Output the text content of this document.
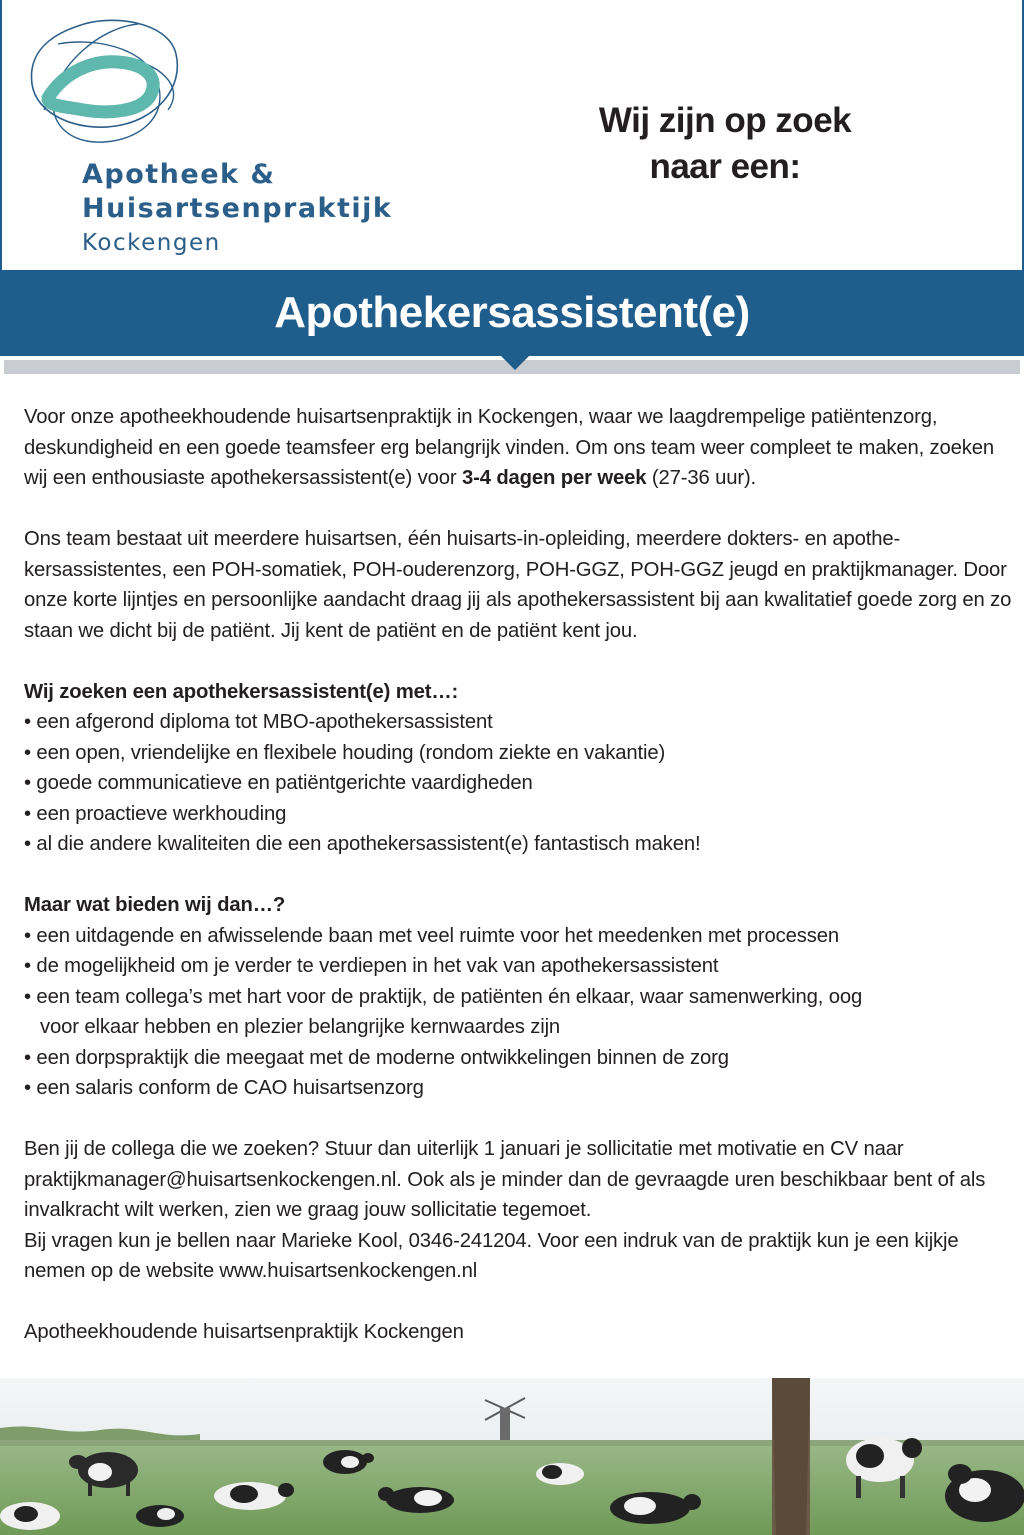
Apotheek &
Huisartsenpraktijk
Kockengen
Wij zijn op zoek
naar een:
Apothekersassistent(e)

Voor onze apotheekhoudende huisartsenpraktijk in Kockengen, waar we laagdrempelige patiëntenzorg, deskundigheid en een goede teamsfeer erg belangrijk vinden. Om ons team weer compleet te maken, zoeken wij een enthousiaste apothekersassistent(e) voor 3-4 dagen per week (27-36 uur).

Ons team bestaat uit meerdere huisartsen, één huisarts-in-opleiding, meerdere dokters- en apothekersassistentes, een POH-somatiek, POH-ouderenzorg, POH-GGZ, POH-GGZ jeugd en praktijkmanager. Door onze korte lijntjes en persoonlijke aandacht draag jij als apothekersassistent bij aan kwalitatief goede zorg en zo staan we dicht bij de patiënt. Jij kent de patiënt en de patiënt kent jou.

Wij zoeken een apothekersassistent(e) met…:

• een afgerond diploma tot MBO-apothekersassistent
• een open, vriendelijke en flexibele houding (rondom ziekte en vakantie)
• goede communicatieve en patiëntgerichte vaardigheden
• een proactieve werkhouding
• al die andere kwaliteiten die een apothekersassistent(e) fantastisch maken!

Maar wat bieden wij dan…?

• een uitdagende en afwisselende baan met veel ruimte voor het meedenken met processen
• de mogelijkheid om je verder te verdiepen in het vak van apothekersassistent
• een team collega’s met hart voor de praktijk, de patiënten én elkaar, waar samenwerking, oog voor elkaar hebben en plezier belangrijke kernwaardes zijn
• een dorpspraktijk die meegaat met de moderne ontwikkelingen binnen de zorg
• een salaris conform de CAO huisartsenzorg

Ben jij de collega die we zoeken? Stuur dan uiterlijk 1 januari je sollicitatie met motivatie en CV naar praktijkmanager@huisartsenkockengen.nl. Ook als je minder dan de gevraagde uren beschikbaar bent of als invalkracht wilt werken, zien we graag jouw sollicitatie tegemoet.

Bij vragen kun je bellen naar Marieke Kool, 0346-241204. Voor een indruk van de praktijk kun je een kijkje nemen op de website www.huisartsenkockengen.nl

Apotheekhoudende huisartsenpraktijk Kockengen
